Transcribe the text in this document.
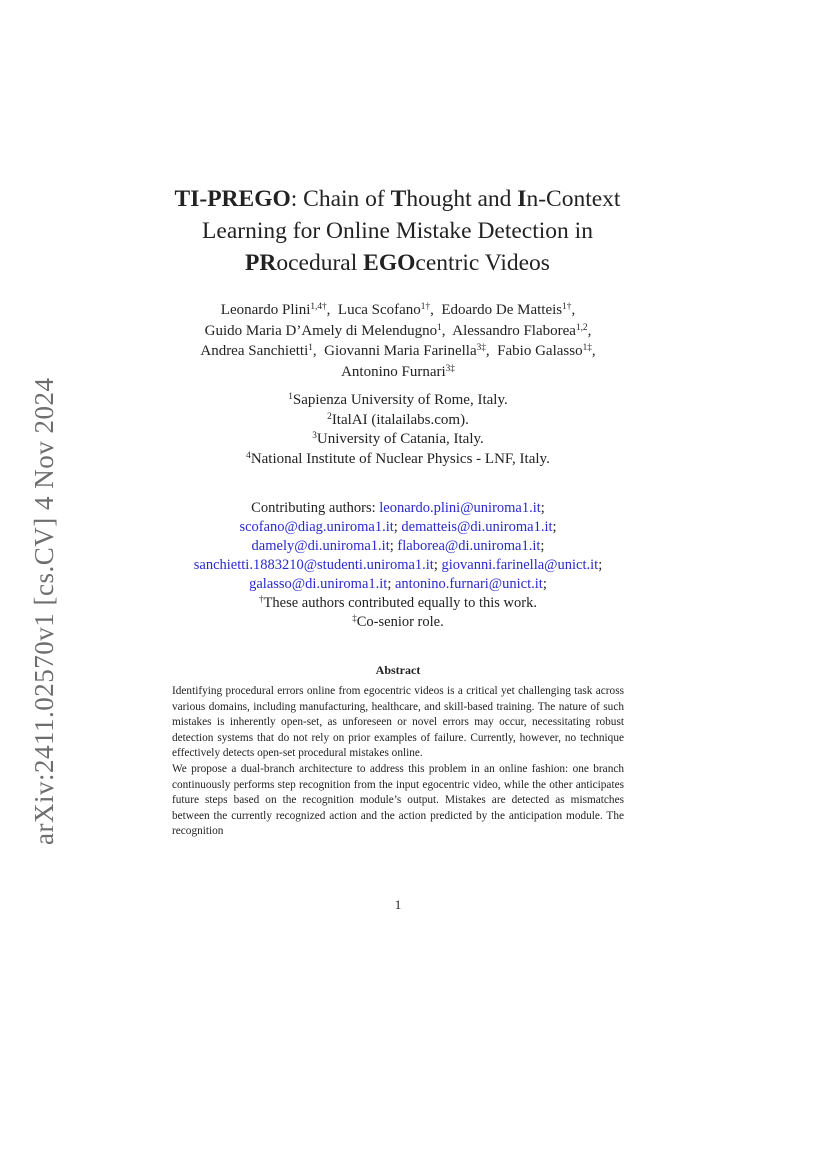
arXiv:2411.02570v1 [cs.CV] 4 Nov 2024
TI-PREGO: Chain of Thought and In-Context
Learning for Online Mistake Detection in
PRocedural EGOcentric Videos
Leonardo Plini$^{1,4\dagger}$,  Luca Scofano$^{1\dagger}$,  Edoardo De Matteis$^{1\dagger}$,
Guido Maria D’Amely di Melendugno$^1$,  Alessandro Flaborea$^{1,2}$,
Andrea Sanchietti$^1$,  Giovanni Maria Farinella$^{3\ddagger}$,  Fabio Galasso$^{1\ddagger}$,
Antonino Furnari$^{3\ddagger}$
$^1$Sapienza University of Rome, Italy.
$^2$ItalAI (italailabs.com).
$^3$University of Catania, Italy.
$^4$National Institute of Nuclear Physics - LNF, Italy.
Contributing authors: leonardo.plini@uniroma1.it;
scofano@diag.uniroma1.it; dematteis@di.uniroma1.it;
damely@di.uniroma1.it; flaborea@di.uniroma1.it;
sanchietti.1883210@studenti.uniroma1.it; giovanni.farinella@unict.it;
galasso@di.uniroma1.it; antonino.furnari@unict.it;
†These authors contributed equally to this work.
‡Co-senior role.
Abstract

Identifying procedural errors online from egocentric videos is a critical yet challenging task across various domains, including manufacturing, healthcare, and skill-based training. The nature of such mistakes is inherently open-set, as unforeseen or novel errors may occur, necessitating robust detection systems that do not rely on prior examples of failure. Currently, however, no technique effectively detects open-set procedural mistakes online.

We propose a dual-branch architecture to address this problem in an online fashion: one branch continuously performs step recognition from the input egocentric video, while the other anticipates future steps based on the recognition module’s output. Mistakes are detected as mismatches between the currently recognized action and the action predicted by the anticipation module. The recognition

1
